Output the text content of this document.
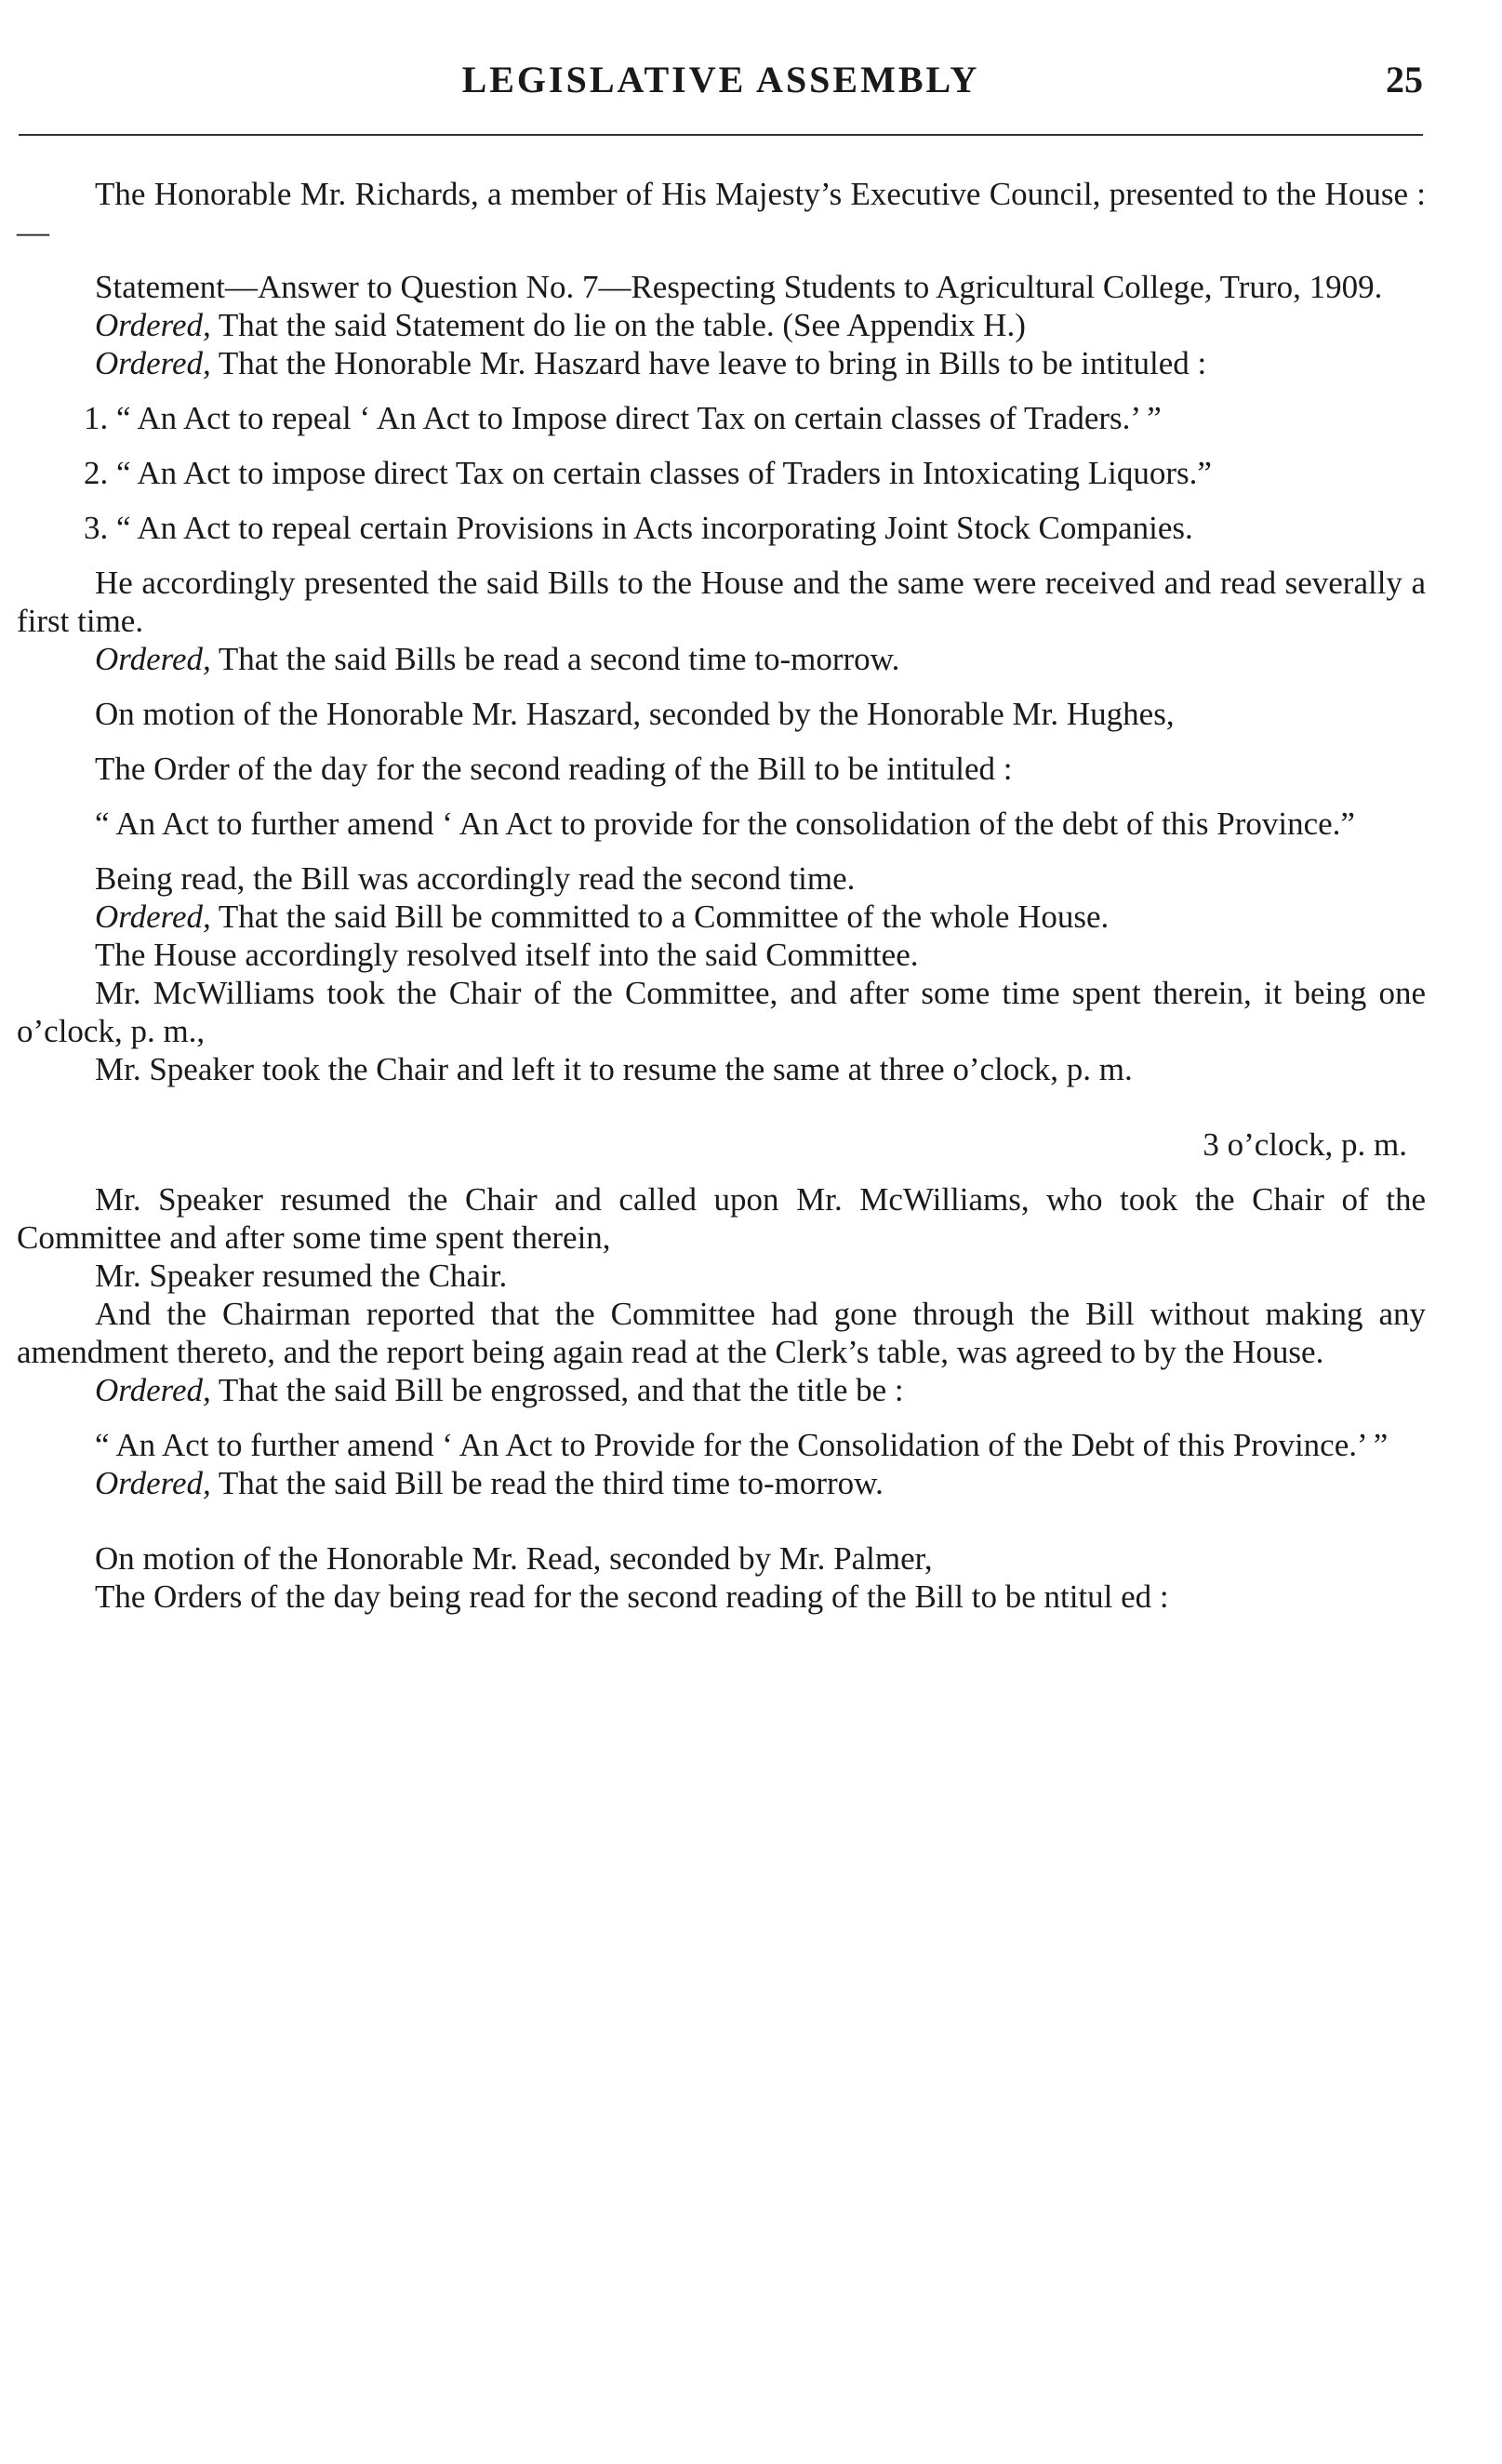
LEGISLATIVE ASSEMBLY	25

The Honorable Mr. Richards, a member of His Majesty’s Executive Council, presented to the House :—

Statement—Answer to Question No. 7—Respecting Students to Agricultural College, Truro, 1909.

Ordered, That the said Statement do lie on the table. (See Appendix H.)

Ordered, That the Honorable Mr. Haszard have leave to bring in Bills to be intituled :

1. “ An Act to repeal ‘ An Act to Impose direct Tax on certain classes of Traders.’ ”

2. “ An Act to impose direct Tax on certain classes of Traders in Intoxicating Liquors.”

3. “ An Act to repeal certain Provisions in Acts incorporating Joint Stock Companies.

He accordingly presented the said Bills to the House and the same were received and read severally a first time.

Ordered, That the said Bills be read a second time to-morrow.

On motion of the Honorable Mr. Haszard, seconded by the Honorable Mr. Hughes,

The Order of the day for the second reading of the Bill to be intituled :

“ An Act to further amend ‘ An Act to provide for the consolidation of the debt of this Province.”

Being read, the Bill was accordingly read the second time.

Ordered, That the said Bill be committed to a Committee of the whole House.

The House accordingly resolved itself into the said Committee.

Mr. McWilliams took the Chair of the Committee, and after some time spent therein, it being one o’clock, p. m.,

Mr. Speaker took the Chair and left it to resume the same at three o’clock, p. m.

3 o’clock, p. m.

Mr. Speaker resumed the Chair and called upon Mr. McWilliams, who took the Chair of the Committee and after some time spent therein,

Mr. Speaker resumed the Chair.

And the Chairman reported that the Committee had gone through the Bill without making any amendment thereto, and the report being again read at the Clerk’s table, was agreed to by the House.

Ordered, That the said Bill be engrossed, and that the title be :

“ An Act to further amend ‘ An Act to Provide for the Consolidation of the Debt of this Province.’ ”

Ordered, That the said Bill be read the third time to-morrow.

On motion of the Honorable Mr. Read, seconded by Mr. Palmer,

The Orders of the day being read for the second reading of the Bill to be ntitul ed :
